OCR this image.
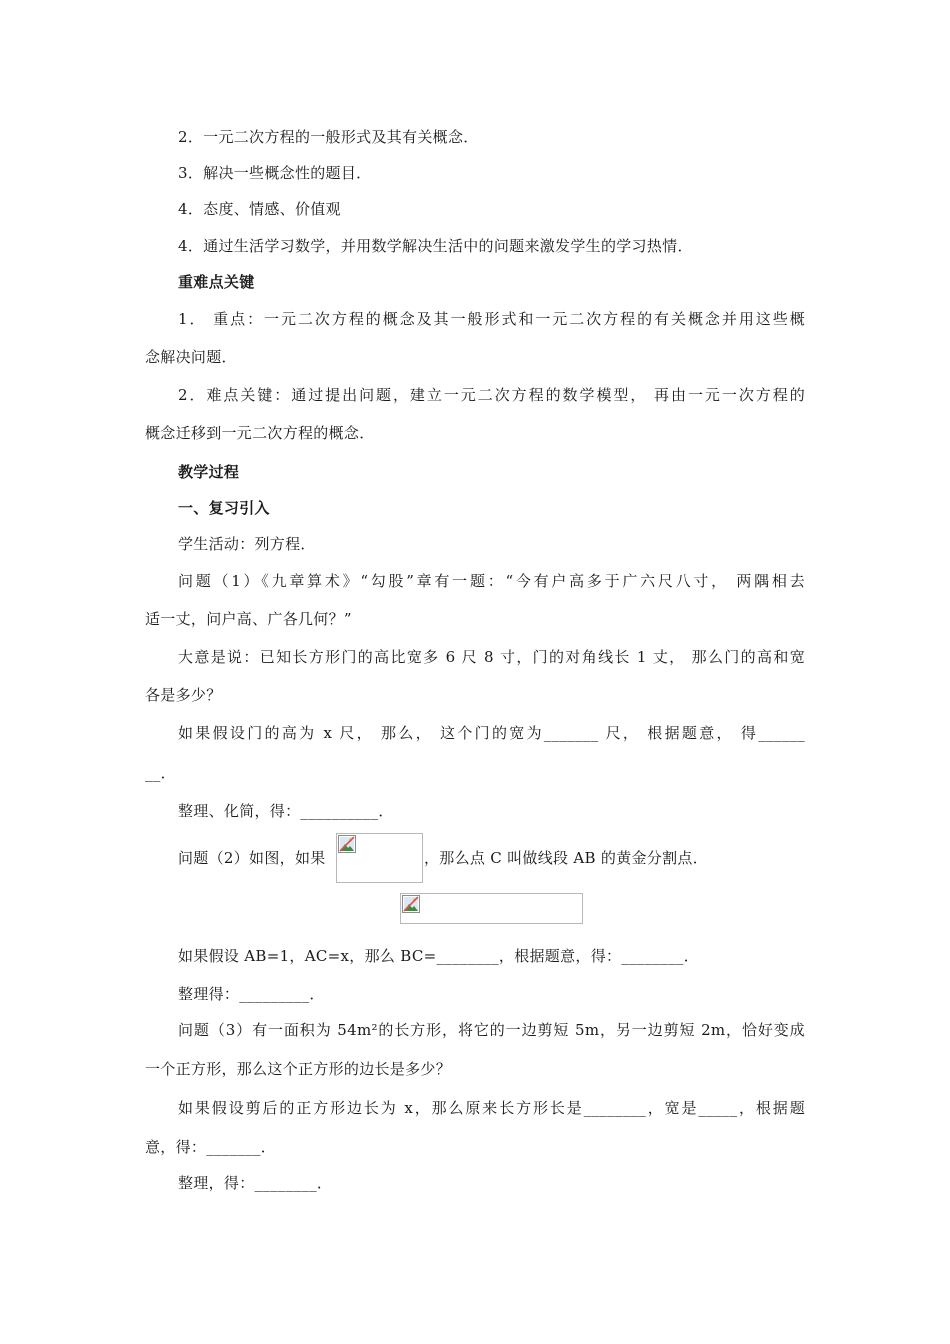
2．一元二次方程的一般形式及其有关概念．
3．解决一些概念性的题目．
4．态度、情感、价值观
4．通过生活学习数学，并用数学解决生活中的问题来激发学生的学习热情．
重难点关键
1． 重点：一元二次方程的概念及其一般形式和一元二次方程的有关概念并用这些概
念解决问题．
2．难点关键：通过提出问题，建立一元二次方程的数学模型， 再由一元一次方程的
概念迁移到一元二次方程的概念．
教学过程
一、复习引入
学生活动：列方程．
问题（1）《九章算术》“勾股”章有一题：“今有户高多于广六尺八寸， 两隅相去
适一丈，问户高、广各几何？”
大意是说：已知长方形门的高比宽多 6 尺 8 寸，门的对角线长 1 丈， 那么门的高和宽
各是多少？
如果假设门的高为 x 尺， 那么， 这个门的宽为_______ 尺， 根据题意， 得______
__．
整理、化简，得：__________．
问题（2）如图，如果	，那么点 C 叫做线段 AB 的黄金分割点．
如果假设 AB=1，AC=x，那么 BC=________，根据题意，得：________．
整理得：_________．
问题（3）有一面积为 54m²的长方形，将它的一边剪短 5m，另一边剪短 2m，恰好变成
一个正方形，那么这个正方形的边长是多少？
如果假设剪后的正方形边长为 x，那么原来长方形长是________，宽是_____，根据题
意，得：_______．
整理，得：________．
